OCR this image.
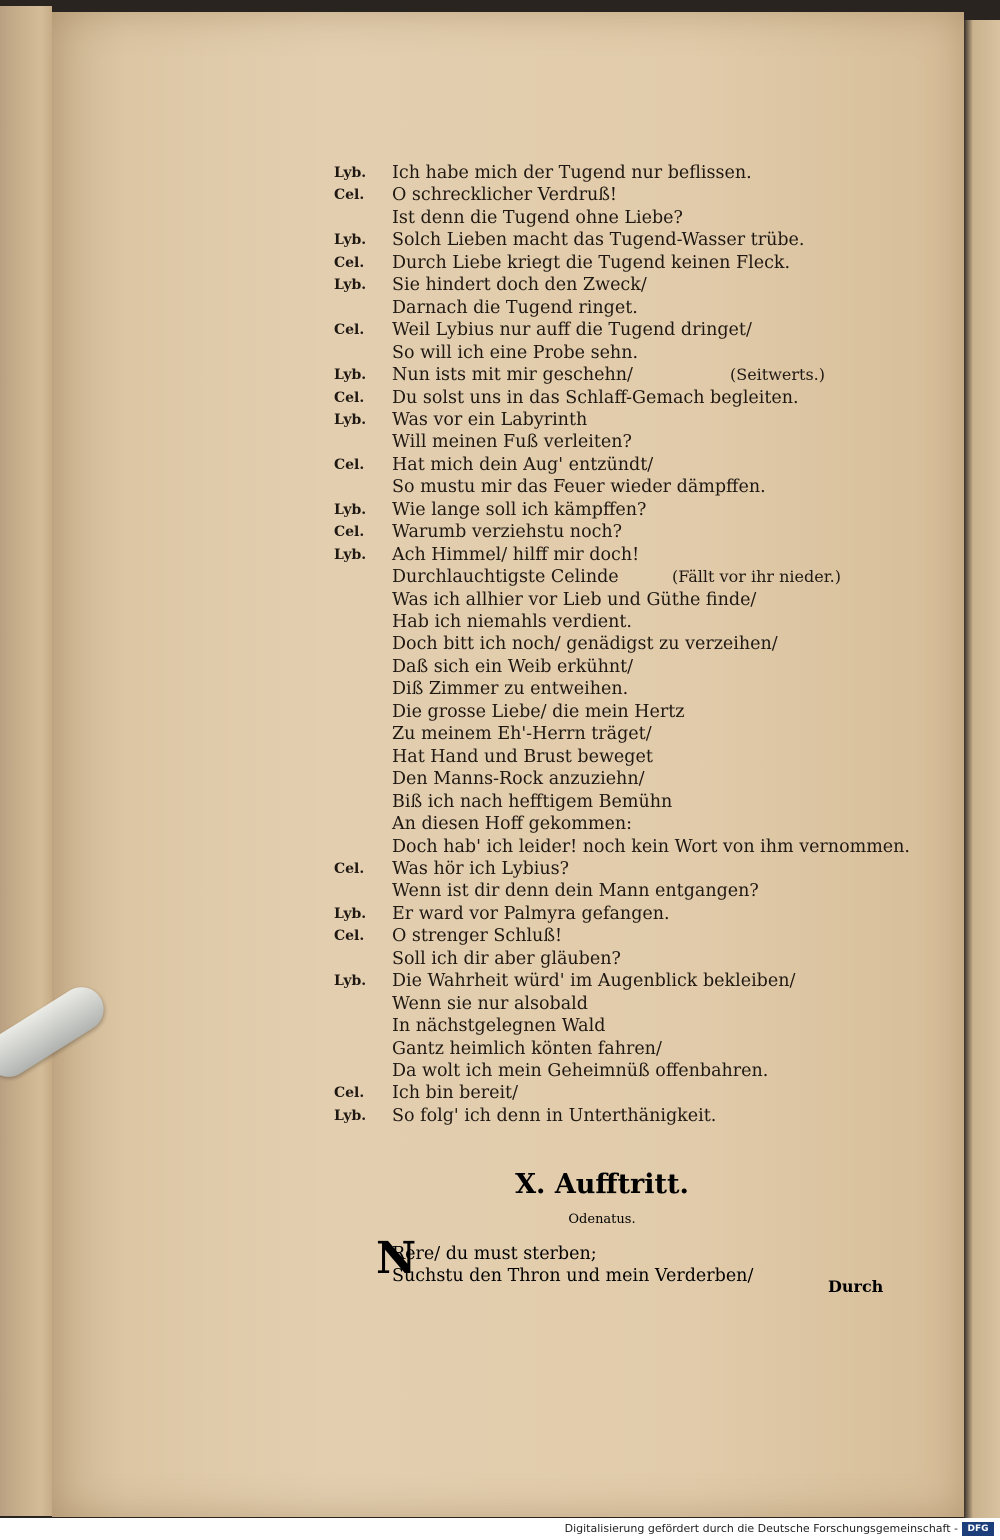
Lyb.	Ich habe mich der Tugend nur beflissen.
Cel.	O schrecklicher Verdruß!
Ist denn die Tugend ohne Liebe?
Lyb.	Solch Lieben macht das Tugend-Wasser trübe.
Cel.	Durch Liebe kriegt die Tugend keinen Fleck.
Lyb.	Sie hindert doch den Zweck/
Darnach die Tugend ringet.
Cel.	Weil Lybius nur auff die Tugend dringet/
So will ich eine Probe sehn.
Lyb.	Nun ists mit mir geschehn/	(Seitwerts.)
Cel.	Du solst uns in das Schlaff-Gemach begleiten.
Lyb.	Was vor ein Labyrinth
Will meinen Fuß verleiten?
Cel.	Hat mich dein Aug' entzündt/
So mustu mir das Feuer wieder dämpffen.
Lyb.	Wie lange soll ich kämpffen?
Cel.	Warumb verziehstu noch?
Lyb.	Ach Himmel/ hilff mir doch!
Durchlauchtigste Celinde	(Fällt vor ihr nieder.)
Was ich allhier vor Lieb und Güthe finde/
Hab ich niemahls verdient.
Doch bitt ich noch/ genädigst zu verzeihen/
Daß sich ein Weib erkühnt/
Diß Zimmer zu entweihen.
Die grosse Liebe/ die mein Hertz
Zu meinem Eh'-Herrn träget/
Hat Hand und Brust beweget
Den Manns-Rock anzuziehn/
Biß ich nach hefftigem Bemühn
An diesen Hoff gekommen:
Doch hab' ich leider! noch kein Wort von ihm vernommen.
Cel.	Was hör ich Lybius?
Wenn ist dir denn dein Mann entgangen?
Lyb.	Er ward vor Palmyra gefangen.
Cel.	O strenger Schluß!
Soll ich dir aber gläuben?
Lyb.	Die Wahrheit würd' im Augenblick bekleiben/
Wenn sie nur alsobald
In nächstgelegnen Wald
Gantz heimlich könten fahren/
Da wolt ich mein Geheimnüß offenbahren.
Cel.	Ich bin bereit/
Lyb.	So folg' ich denn in Unterthänigkeit.
X. Aufftritt.
Odenatus.
N
Rere/ du must sterben;
Suchstu den Thron und mein Verderben/
Durch
Digitalisierung gefördert durch die Deutsche Forschungsgemeinschaft -	DFG
